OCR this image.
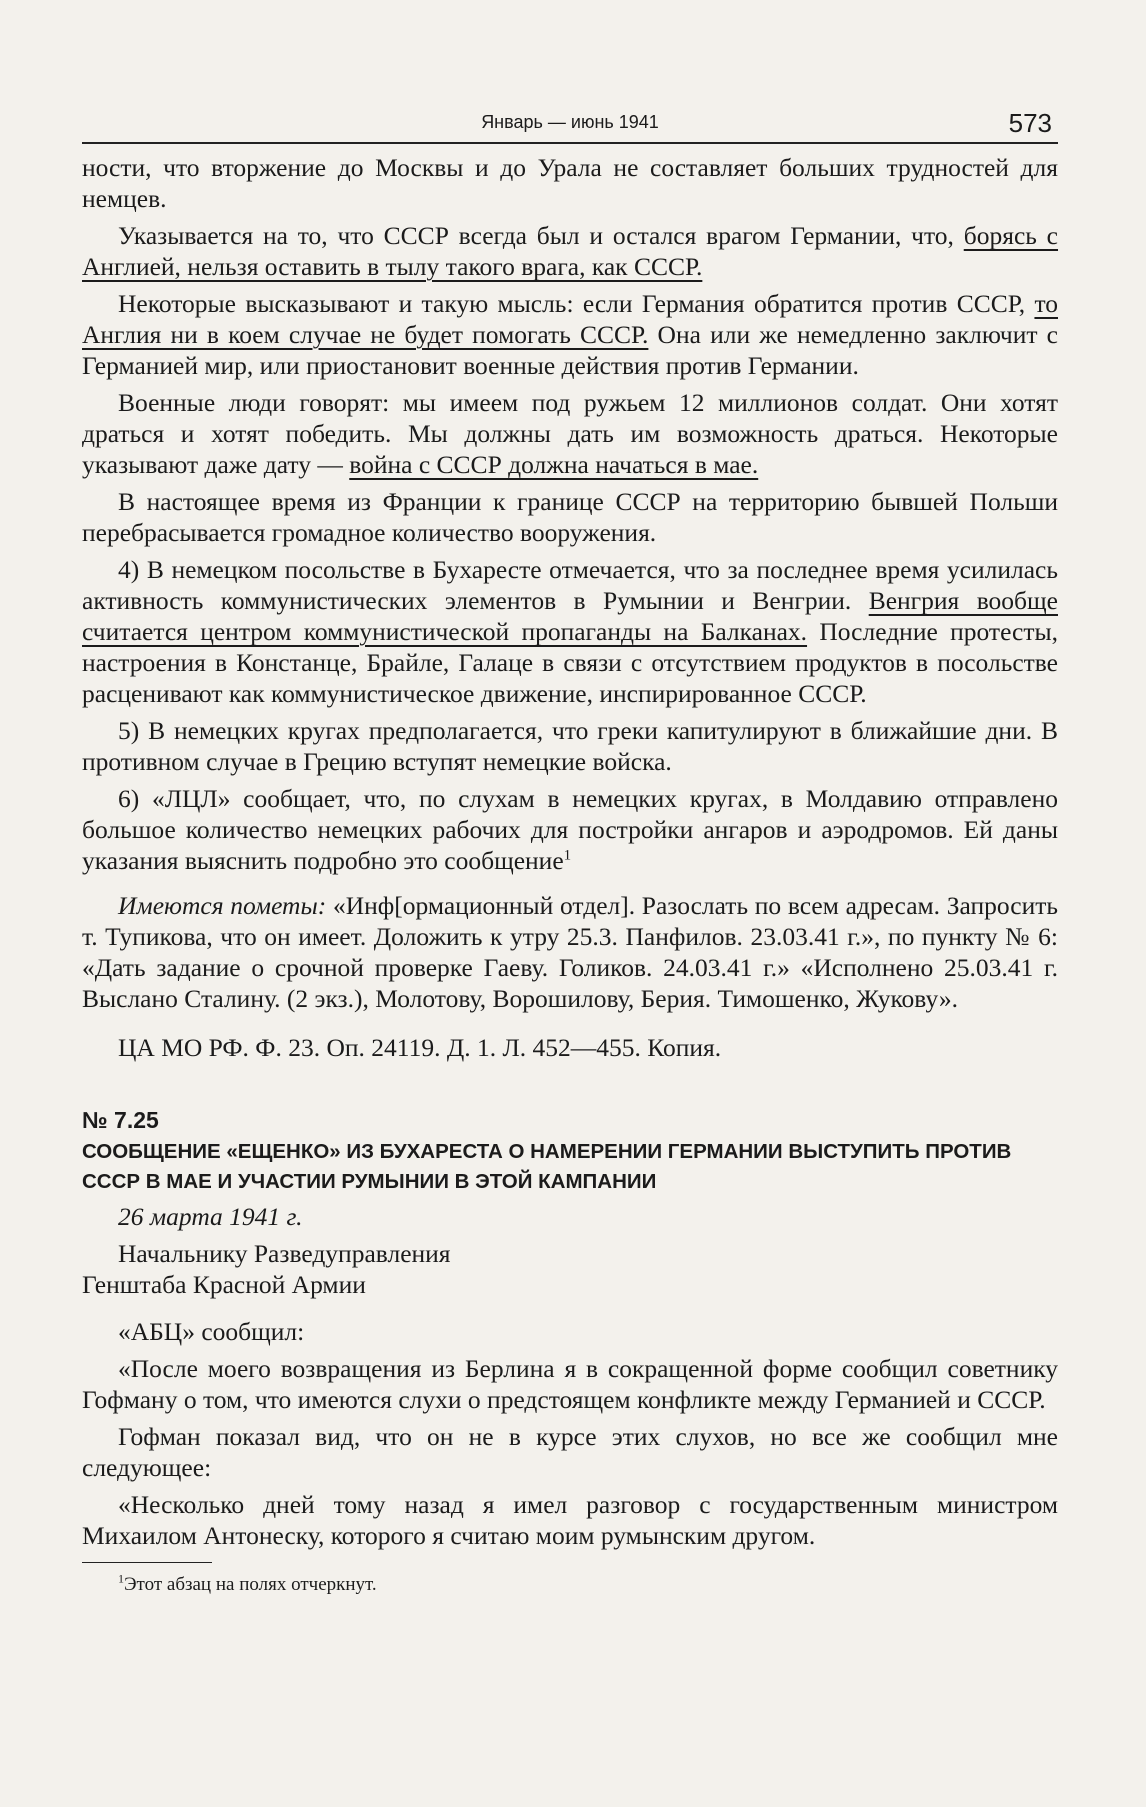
Январь — июнь 1941	573

ности, что вторжение до Москвы и до Урала не составляет больших трудностей для немцев.

Указывается на то, что СССР всегда был и остался врагом Германии, что, борясь с Англией, нельзя оставить в тылу такого врага, как СССР.

Некоторые высказывают и такую мысль: если Германия обратится против СССР, то Англия ни в коем случае не будет помогать СССР. Она или же немедленно заключит с Германией мир, или приостановит военные действия против Германии.

Военные люди говорят: мы имеем под ружьем 12 миллионов солдат. Они хотят драться и хотят победить. Мы должны дать им возможность драться. Некоторые указывают даже дату — война с СССР должна начаться в мае.

В настоящее время из Франции к границе СССР на территорию бывшей Польши перебрасывается громадное количество вооружения.

4) В немецком посольстве в Бухаресте отмечается, что за последнее время усилилась активность коммунистических элементов в Румынии и Венгрии. Венгрия вообще считается центром коммунистической пропаганды на Балканах. Последние протесты, настроения в Констанце, Брайле, Галаце в связи с отсутствием продуктов в посольстве расценивают как коммунистическое движение, инспирированное СССР.

5) В немецких кругах предполагается, что греки капитулируют в ближайшие дни. В противном случае в Грецию вступят немецкие войска.

6) «ЛЦЛ» сообщает, что, по слухам в немецких кругах, в Молдавию отправлено большое количество немецких рабочих для постройки ангаров и аэродромов. Ей даны указания выяснить подробно это сообщение$^1$

Имеются пометы: «Инф[ормационный отдел]. Разослать по всем адресам. Запросить т. Тупикова, что он имеет. Доложить к утру 25.3. Панфилов. 23.03.41 г.», по пункту № 6: «Дать задание о срочной проверке Гаеву. Голиков. 24.03.41 г.» «Исполнено 25.03.41 г. Выслано Сталину. (2 экз.), Молотову, Ворошилову, Берия. Тимошенко, Жукову».

ЦА МО РФ. Ф. 23. Оп. 24119. Д. 1. Л. 452—455. Копия.

№ 7.25
СООБЩЕНИЕ «ЕЩЕНКО» ИЗ БУХАРЕСТА О НАМЕРЕНИИ ГЕРМАНИИ ВЫСТУПИТЬ ПРОТИВ СССР В МАЕ И УЧАСТИИ РУМЫНИИ В ЭТОЙ КАМПАНИИ

26 марта 1941 г.

Начальнику Разведуправления
Генштаба Красной Армии

«АБЦ» сообщил:

«После моего возвращения из Берлина я в сокращенной форме сообщил советнику Гофману о том, что имеются слухи о предстоящем конфликте между Германией и СССР.

Гофман показал вид, что он не в курсе этих слухов, но все же сообщил мне следующее:

«Несколько дней тому назад я имел разговор с государственным министром Михаилом Антонеску, которого я считаю моим румынским другом.

$^1$Этот абзац на полях отчеркнут.
